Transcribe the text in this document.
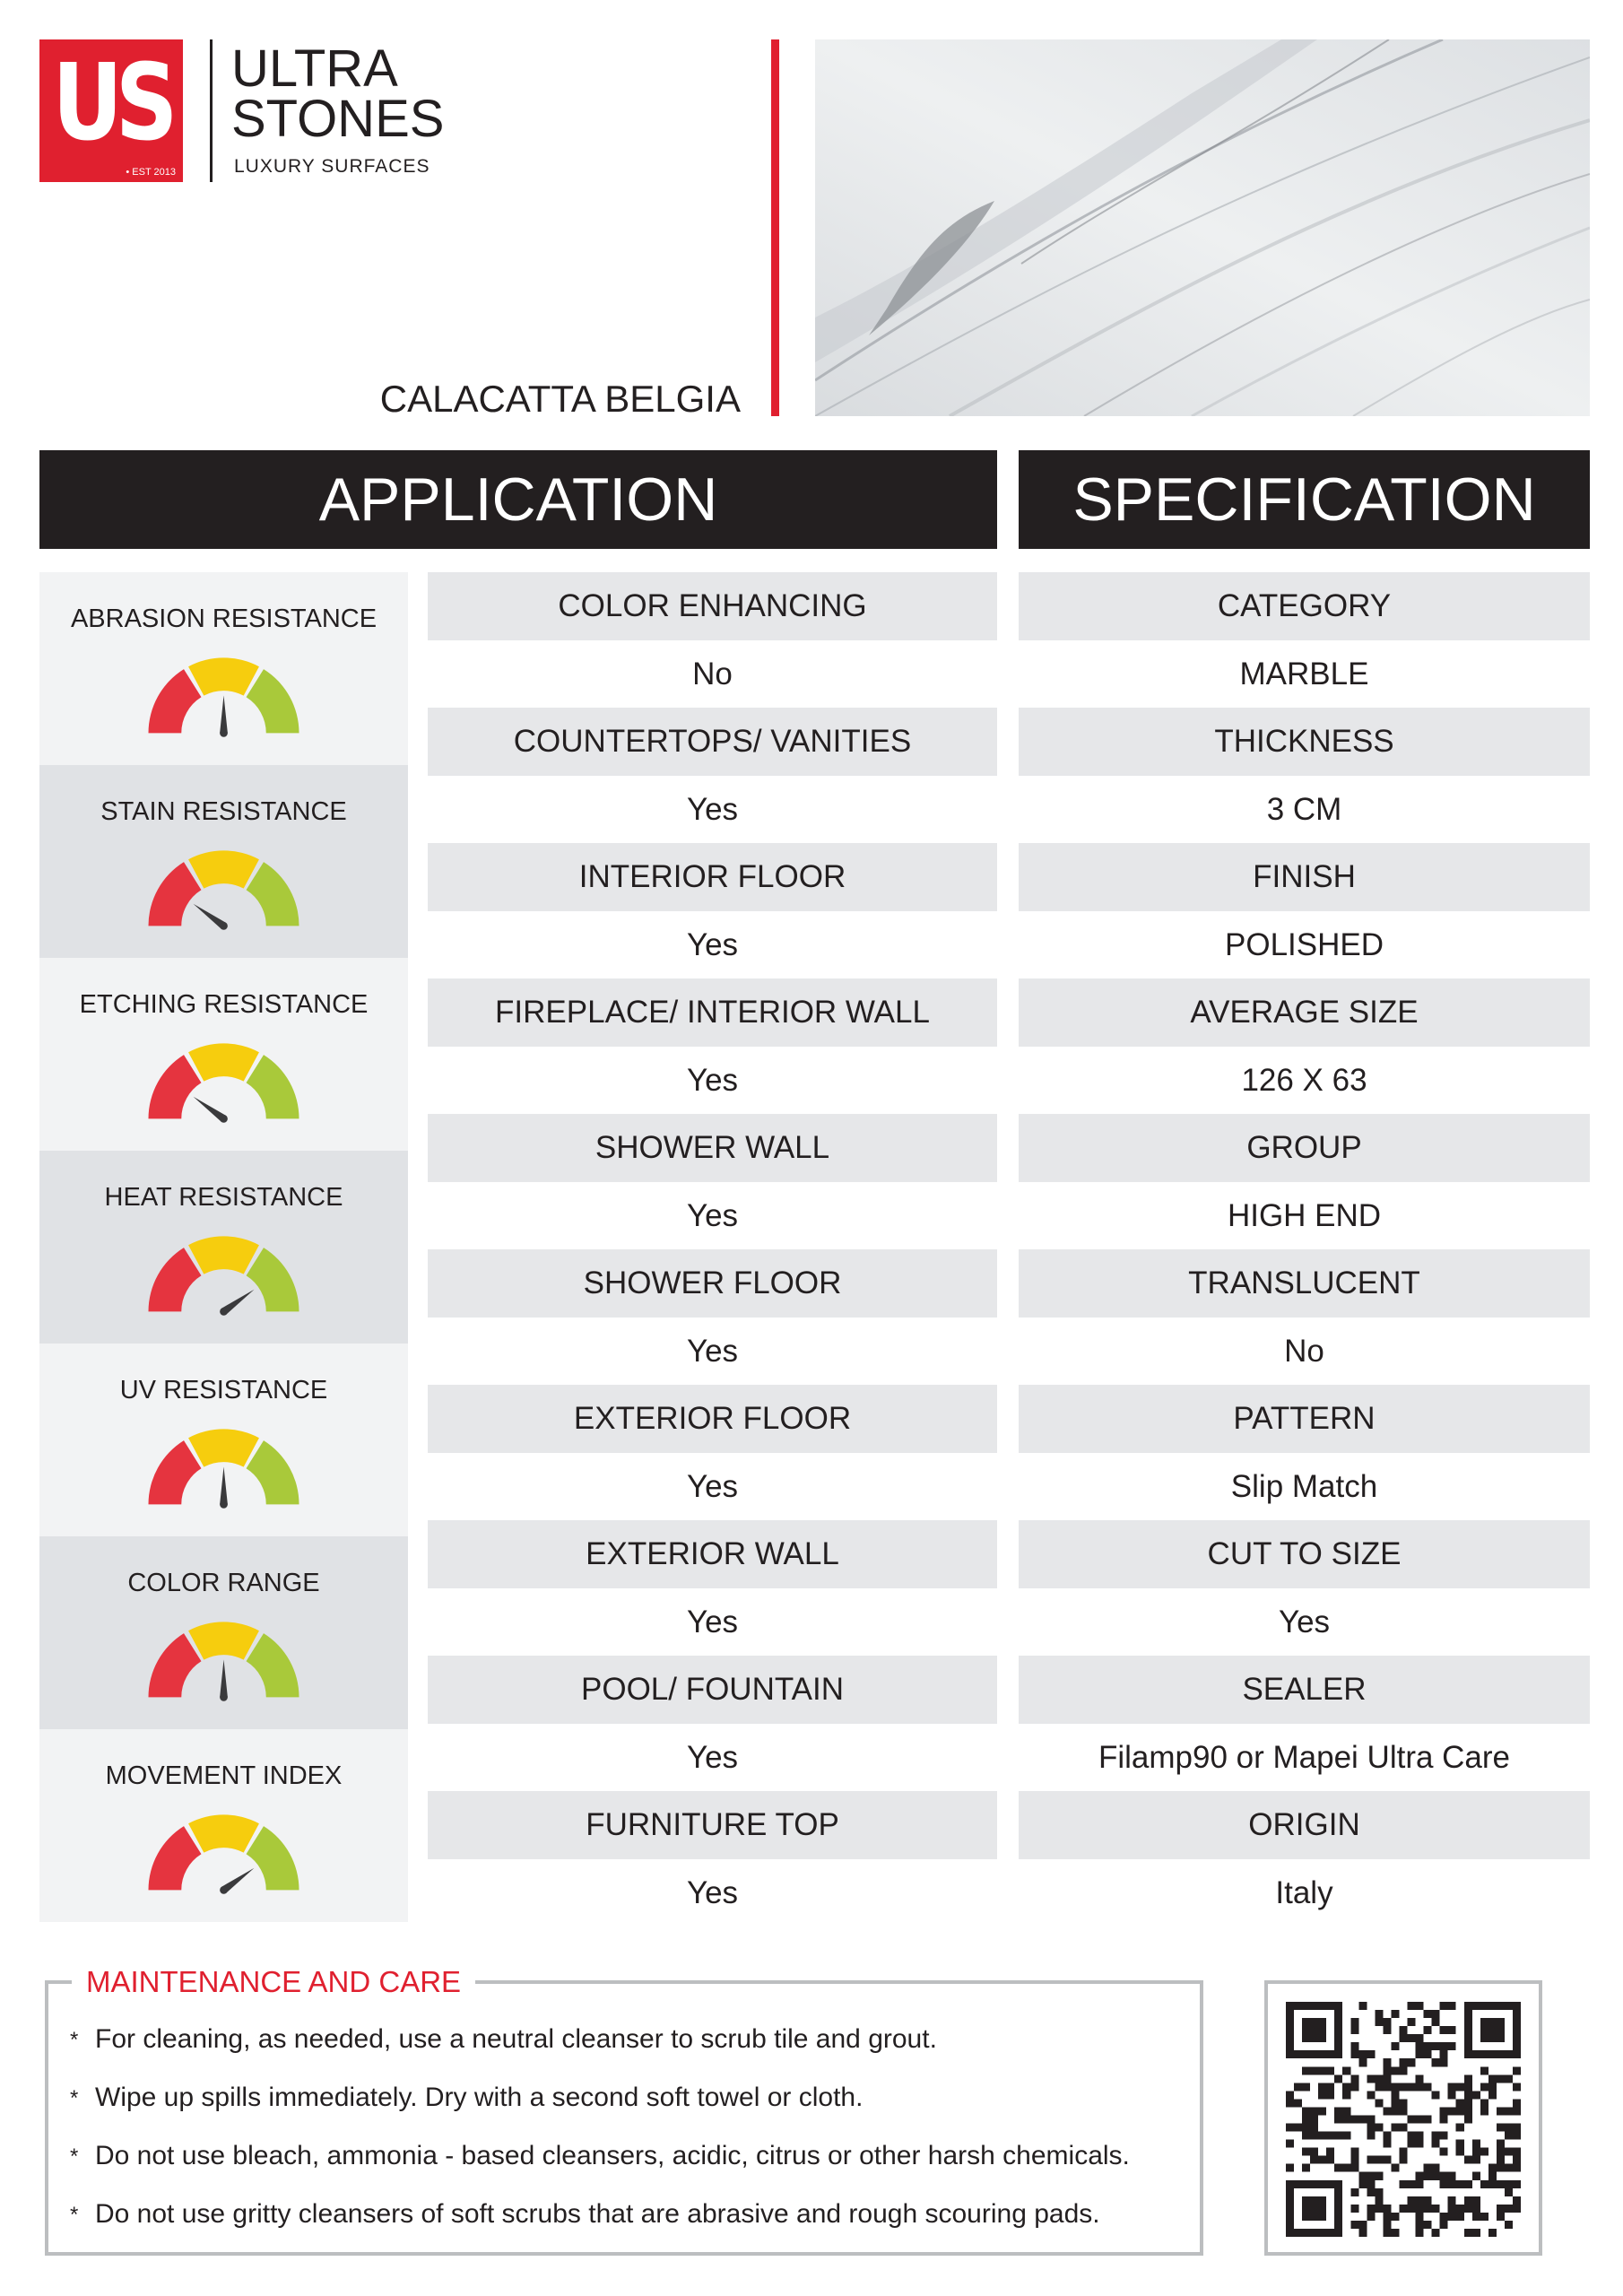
US
• EST 2013
ULTRA
STONES
LUXURY SURFACES
CALACATTA BELGIA
APPLICATION	SPECIFICATION
ABRASION RESISTANCE
STAIN RESISTANCE
ETCHING RESISTANCE
HEAT RESISTANCE
UV RESISTANCE
COLOR RANGE
MOVEMENT INDEX
COLOR ENHANCING
No
COUNTERTOPS/ VANITIES
Yes
INTERIOR FLOOR
Yes
FIREPLACE/ INTERIOR WALL
Yes
SHOWER WALL
Yes
SHOWER FLOOR
Yes
EXTERIOR FLOOR
Yes
EXTERIOR WALL
Yes
POOL/ FOUNTAIN
Yes
FURNITURE TOP
Yes
CATEGORY
MARBLE
THICKNESS
3 CM
FINISH
POLISHED
AVERAGE SIZE
126 X 63
GROUP
HIGH END
TRANSLUCENT
No
PATTERN
Slip Match
CUT TO SIZE
Yes
SEALER
Filamp90 or Mapei Ultra Care
ORIGIN
Italy
MAINTENANCE AND CARE
* For cleaning, as needed, use a neutral cleanser to scrub tile and grout.
* Wipe up spills immediately. Dry with a second soft towel or cloth.
* Do not use bleach, ammonia - based cleansers, acidic, citrus or other harsh chemicals.
* Do not use gritty cleansers of soft scrubs that are abrasive and rough scouring pads.
